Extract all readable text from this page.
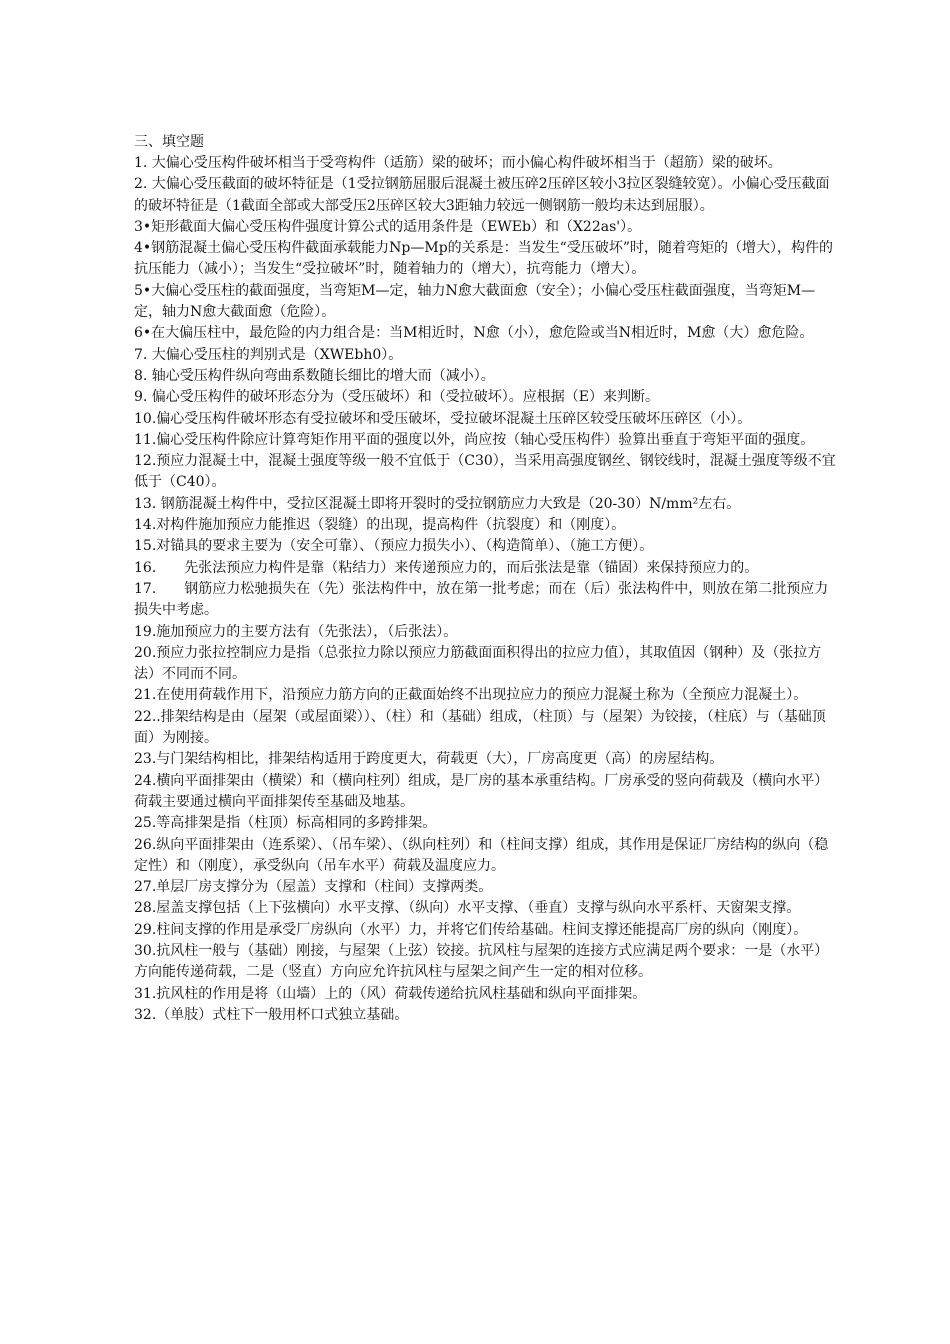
三、填空题

1. 大偏心受压构件破坏相当于受弯构件（适筋）梁的破坏；而小偏心构件破坏相当于（超筋）梁的破坏。

2. 大偏心受压截面的破坏特征是（1受拉钢筋屈服后混凝土被压碎2压碎区较小3拉区裂缝较宽）。小偏心受压截面的破坏特征是（1截面全部或大部受压2压碎区较大3距轴力较远一侧钢筋一般均未达到屈服）。

3•矩形截面大偏心受压构件强度计算公式的适用条件是（EWEb）和（X22as'）。

4•钢筋混凝土偏心受压构件截面承载能力Np—Mp的关系是：当发生“受压破坏”时，随着弯矩的（增大），构件的抗压能力（减小）；当发生“受拉破坏”时，随着轴力的（增大），抗弯能力（增大）。

5•大偏心受压柱的截面强度，当弯矩M—定，轴力N愈大截面愈（安全）；小偏心受压柱截面强度，当弯矩M—定，轴力N愈大截面愈（危险）。

6•在大偏压柱中，最危险的内力组合是：当M相近时，N愈（小），愈危险或当N相近时，M愈（大）愈危险。

7. 大偏心受压柱的判别式是（XWEbh0）。

8. 轴心受压构件纵向弯曲系数随长细比的增大而（减小）。

9. 偏心受压构件的破坏形态分为（受压破坏）和（受拉破坏）。应根据（E）来判断。

10.偏心受压构件破坏形态有受拉破坏和受压破坏，受拉破坏混凝土压碎区较受压破坏压碎区（小）。

11.偏心受压构件除应计算弯矩作用平面的强度以外，尚应按（轴心受压构件）验算出垂直于弯矩平面的强度。

12.预应力混凝土中，混凝土强度等级一般不宜低于（C30），当采用高强度钢丝、钢铰线时，混凝土强度等级不宜低于（C40）。

13. 钢筋混凝土构件中，受拉区混凝土即将开裂时的受拉钢筋应力大致是（20-30）N/mm²左右。

14.对构件施加预应力能推迟（裂缝）的出现，提高构件（抗裂度）和（刚度）。

15.对锚具的要求主要为（安全可靠）、（预应力损失小）、（构造简单）、（施工方便）。

16.　　先张法预应力构件是靠（粘结力）来传递预应力的，而后张法是靠（锚固）来保持预应力的。

17.　　钢筋应力松驰损失在（先）张法构件中，放在第一批考虑；而在（后）张法构件中，则放在第二批预应力损失中考虑。

19.施加预应力的主要方法有（先张法），（后张法）。

20.预应力张拉控制应力是指（总张拉力除以预应力筋截面面积得出的拉应力值），其取值因（钢种）及（张拉方法）不同而不同。

21.在使用荷载作用下，沿预应力筋方向的正截面始终不出现拉应力的预应力混凝土称为（全预应力混凝土）。

22..排架结构是由（屋架（或屋面梁））、（柱）和（基础）组成，（柱顶）与（屋架）为铰接，（柱底）与（基础顶面）为刚接。

23.与门架结构相比，排架结构适用于跨度更大，荷载更（大），厂房高度更（高）的房屋结构。

24.横向平面排架由（横梁）和（横向柱列）组成，是厂房的基本承重结构。厂房承受的竖向荷载及（横向水平）荷载主要通过横向平面排架传至基础及地基。

25.等高排架是指（柱顶）标高相同的多跨排架。

26.纵向平面排架由（连系梁）、（吊车梁）、（纵向柱列）和（柱间支撑）组成，其作用是保证厂房结构的纵向（稳定性）和（刚度），承受纵向（吊车水平）荷载及温度应力。

27.单层厂房支撑分为（屋盖）支撑和（柱间）支撑两类。

28.屋盖支撑包括（上下弦横向）水平支撑、（纵向）水平支撑、（垂直）支撑与纵向水平系杆、天窗架支撑。

29.柱间支撑的作用是承受厂房纵向（水平）力，并将它们传给基础。柱间支撑还能提高厂房的纵向（刚度）。

30.抗风柱一般与（基础）刚接，与屋架（上弦）铰接。抗风柱与屋架的连接方式应满足两个要求：一是（水平）方向能传递荷载，二是（竖直）方向应允许抗风柱与屋架之间产生一定的相对位移。

31.抗风柱的作用是将（山墙）上的（风）荷载传递给抗风柱基础和纵向平面排架。

32.（单肢）式柱下一般用杯口式独立基础。
